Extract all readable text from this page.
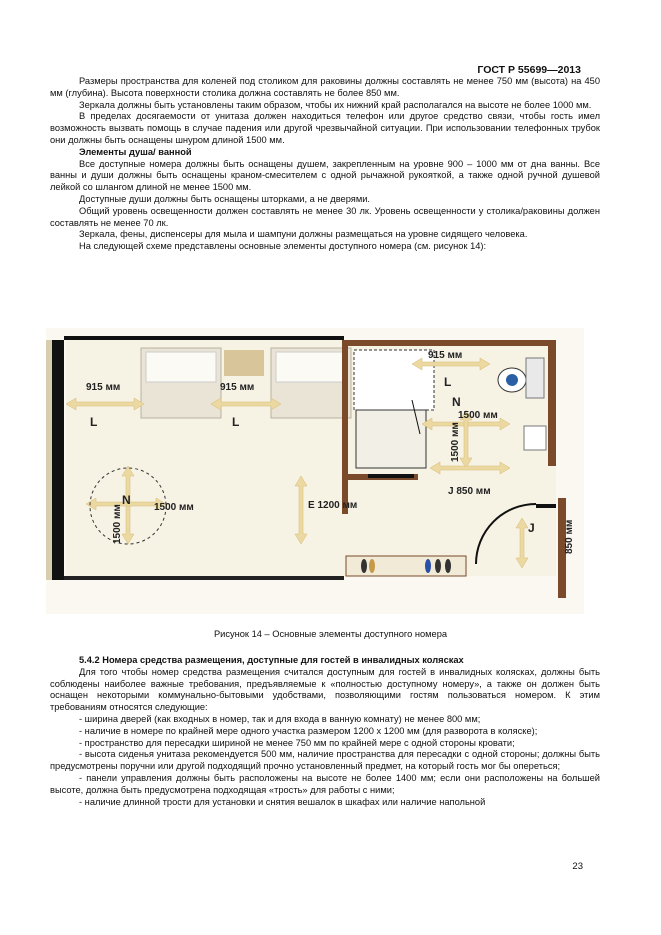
ГОСТ Р 55699—2013

Размеры пространства для коленей под столиком для раковины должны составлять не менее 750 мм (высота) на 450 мм (глубина). Высота поверхности столика должна составлять не более 850 мм.

Зеркала должны быть установлены таким образом, чтобы их нижний край располагался на высоте не более 1000 мм.

В пределах досягаемости от унитаза должен находиться телефон или другое средство связи, чтобы гость имел возможность вызвать помощь в случае падения или другой чрезвычайной ситуации. При использовании телефонных трубок они должны быть оснащены шнуром длиной 1500 мм.

Элементы душа/ ванной

Все доступные номера должны быть оснащены душем, закрепленным на уровне 900 – 1000 мм от дна ванны. Все ванны и души должны быть оснащены краном-смесителем с одной рычажной рукояткой, а также одной ручной душевой лейкой со шлангом длиной не менее 1500 мм.

Доступные души должны быть оснащены шторками, а не дверями.

Общий уровень освещенности должен составлять не менее 30 лк. Уровень освещенности у столика/раковины должен составлять не менее 70 лк.

Зеркала, фены, диспенсеры для мыла и шампуни должны размещаться на уровне сидящего человека.

На следующей схеме представлены основные элементы доступного номера (см. рисунок 14):

915 мм
L
915 мм
L
915 мм
L
N
1500 мм
1500 мм	E 1200 мм
N
1500 мм
1500 мм
J 850 мм
J	850 мм
Рисунок 14 – Основные элементы доступного номера

5.4.2 Номера средства размещения, доступные для гостей в инвалидных колясках

Для того чтобы номер средства размещения считался доступным для гостей в инвалидных колясках, должны быть соблюдены наиболее важные требования, предъявляемые к «полностью доступному номеру», а также он должен быть оснащен некоторыми коммунально-бытовыми удобствами, позволяющими гостям пользоваться номером. К этим требованиям относятся следующие:

- ширина дверей (как входных в номер, так и для входа в ванную комнату) не менее 800 мм;

- наличие в номере по крайней мере одного участка размером 1200 х 1200 мм (для разворота в коляске);

- пространство для пересадки шириной не менее 750 мм по крайней мере с одной стороны кровати;

- высота сиденья унитаза рекомендуется 500 мм, наличие пространства для пересадки с одной стороны; должны быть предусмотрены поручни или другой подходящий прочно установленный предмет, на который гость мог бы опереться;

- панели управления должны быть расположены на высоте не более 1400 мм; если они расположены на большей высоте, должна быть предусмотрена подходящая «трость» для работы с ними;

- наличие длинной трости для установки и снятия вешалок в шкафах или наличие напольной

23
